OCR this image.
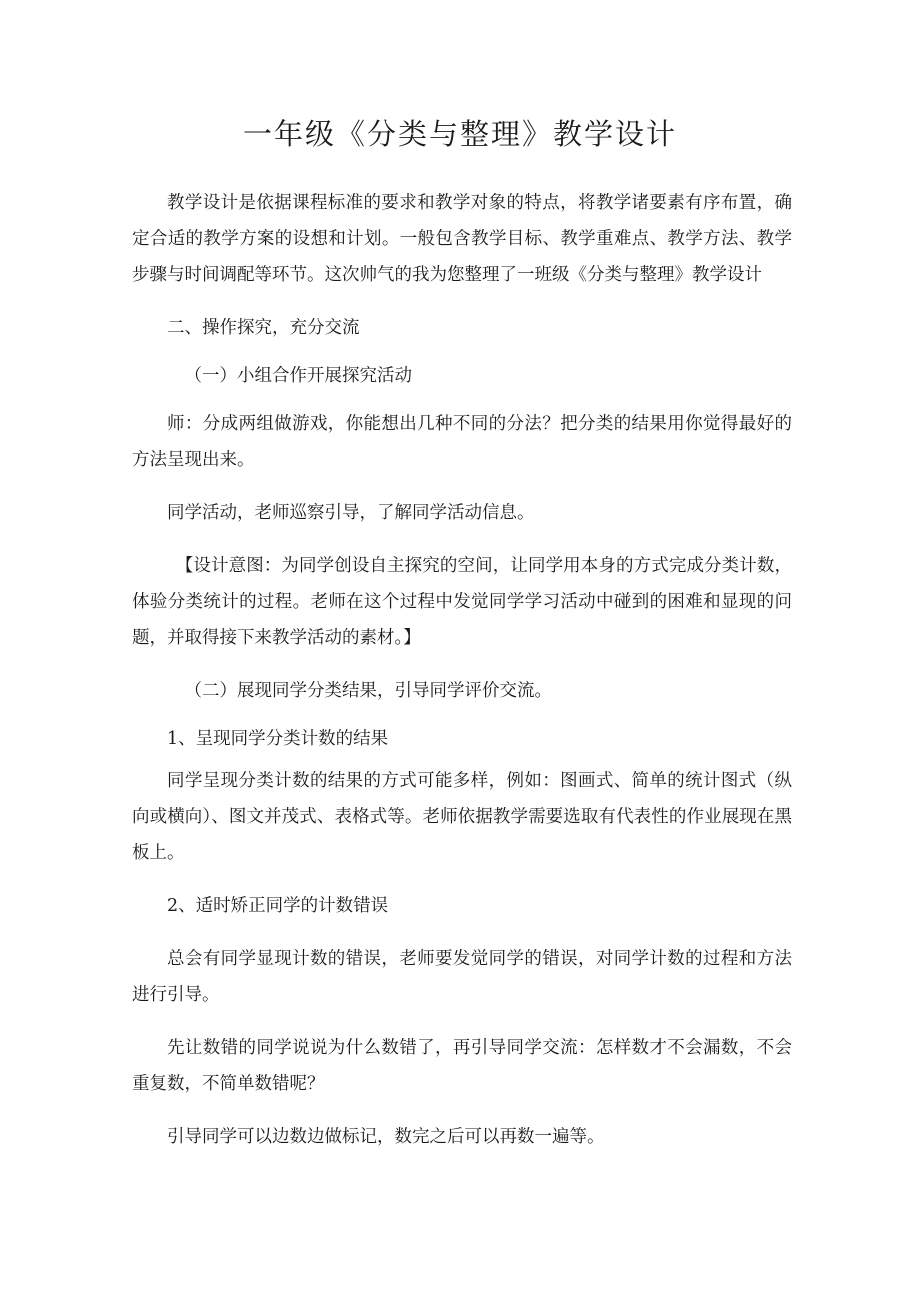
一年级《分类与整理》教学设计

教学设计是依据课程标准的要求和教学对象的特点，将教学诸要素有序布置，确定合适的教学方案的设想和计划。一般包含教学目标、教学重难点、教学方法、教学步骤与时间调配等环节。这次帅气的我为您整理了一班级《分类与整理》教学设计

二、操作探究，充分交流

（一）小组合作开展探究活动

师：分成两组做游戏，你能想出几种不同的分法？把分类的结果用你觉得最好的方法呈现出来。

同学活动，老师巡察引导，了解同学活动信息。

【设计意图：为同学创设自主探究的空间，让同学用本身的方式完成分类计数，体验分类统计的过程。老师在这个过程中发觉同学学习活动中碰到的困难和显现的问题，并取得接下来教学活动的素材。】

（二）展现同学分类结果，引导同学评价交流。

1、呈现同学分类计数的结果

同学呈现分类计数的结果的方式可能多样，例如：图画式、简单的统计图式（纵向或横向）、图文并茂式、表格式等。老师依据教学需要选取有代表性的作业展现在黑板上。

2、适时矫正同学的计数错误

总会有同学显现计数的错误，老师要发觉同学的错误，对同学计数的过程和方法进行引导。

先让数错的同学说说为什么数错了，再引导同学交流：怎样数才不会漏数，不会重复数，不简单数错呢？

引导同学可以边数边做标记，数完之后可以再数一遍等。
